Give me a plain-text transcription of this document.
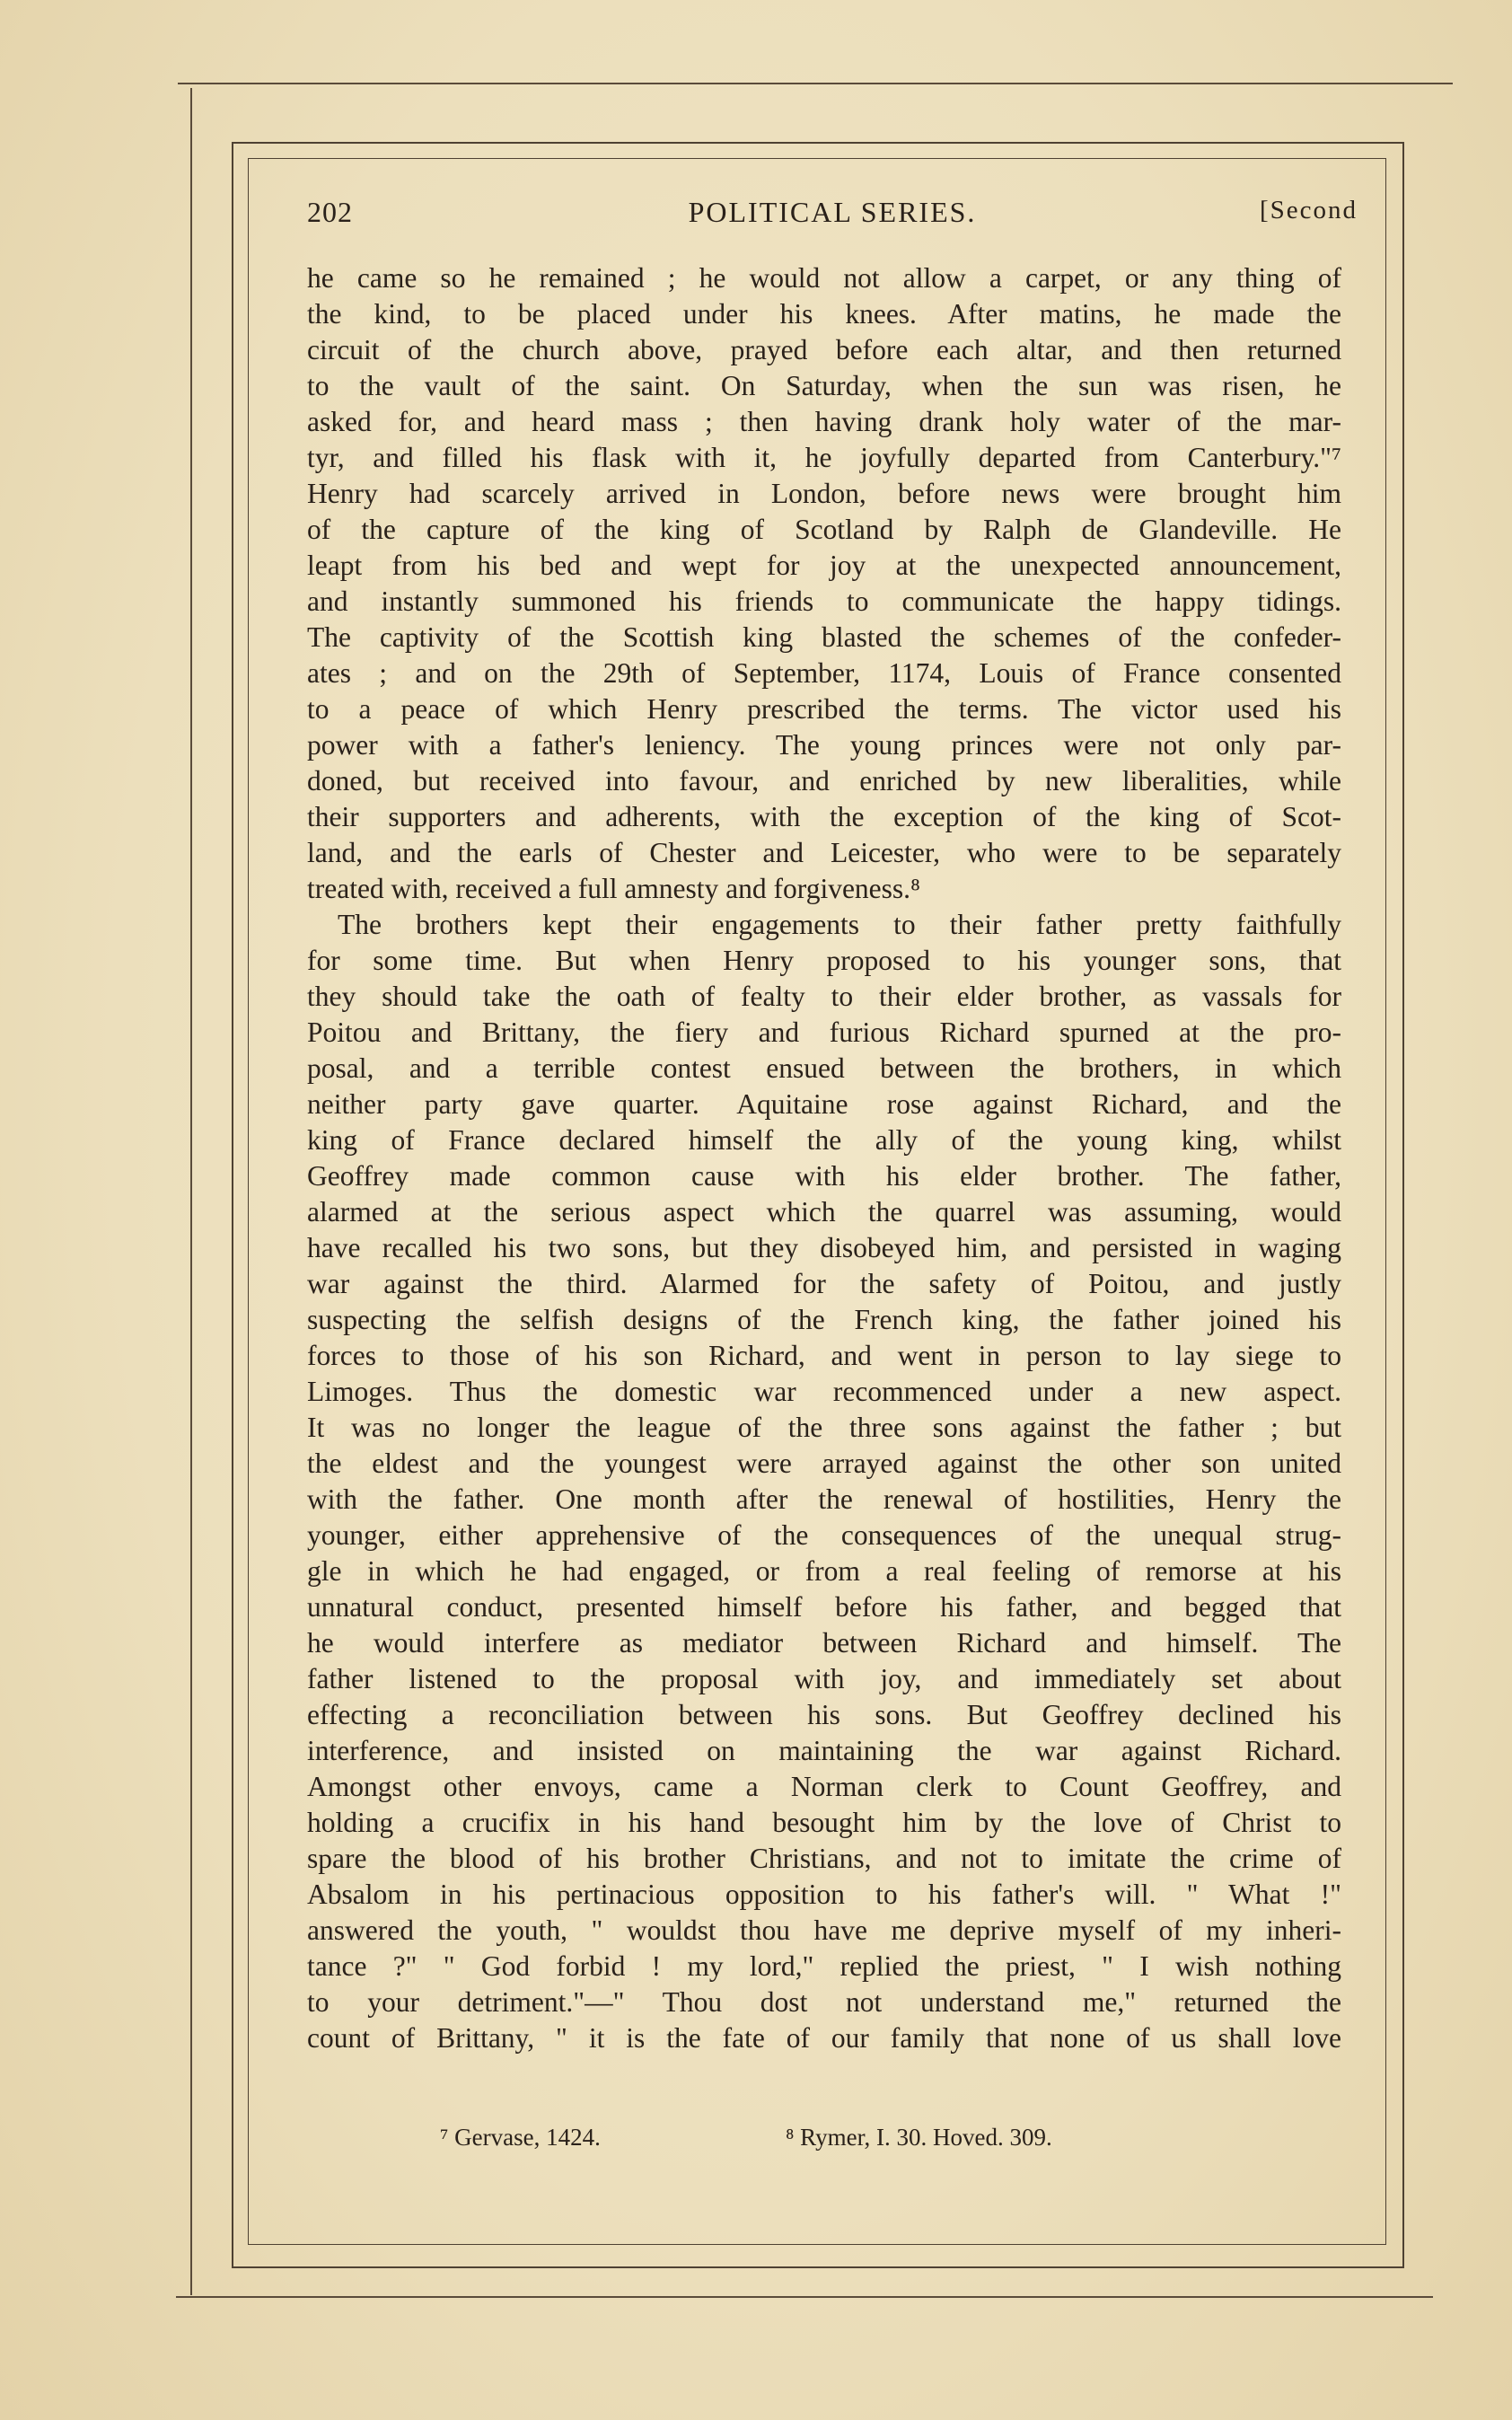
202	POLITICAL SERIES.	[Second
he came so he remained ; he would not allow a carpet, or any thing of
the kind, to be placed under his knees. After matins, he made the
circuit of the church above, prayed before each altar, and then returned
to the vault of the saint. On Saturday, when the sun was risen, he
asked for, and heard mass ; then having drank holy water of the mar-
tyr, and filled his flask with it, he joyfully departed from Canterbury."⁷
Henry had scarcely arrived in London, before news were brought him
of the capture of the king of Scotland by Ralph de Glandeville. He
leapt from his bed and wept for joy at the unexpected announcement,
and instantly summoned his friends to communicate the happy tidings.
The captivity of the Scottish king blasted the schemes of the confeder-
ates ; and on the 29th of September, 1174, Louis of France consented
to a peace of which Henry prescribed the terms. The victor used his
power with a father's leniency. The young princes were not only par-
doned, but received into favour, and enriched by new liberalities, while
their supporters and adherents, with the exception of the king of Scot-
land, and the earls of Chester and Leicester, who were to be separately
treated with, received a full amnesty and forgiveness.⁸
The brothers kept their engagements to their father pretty faithfully
for some time. But when Henry proposed to his younger sons, that
they should take the oath of fealty to their elder brother, as vassals for
Poitou and Brittany, the fiery and furious Richard spurned at the pro-
posal, and a terrible contest ensued between the brothers, in which
neither party gave quarter. Aquitaine rose against Richard, and the
king of France declared himself the ally of the young king, whilst
Geoffrey made common cause with his elder brother. The father,
alarmed at the serious aspect which the quarrel was assuming, would
have recalled his two sons, but they disobeyed him, and persisted in waging
war against the third. Alarmed for the safety of Poitou, and justly
suspecting the selfish designs of the French king, the father joined his
forces to those of his son Richard, and went in person to lay siege to
Limoges. Thus the domestic war recommenced under a new aspect.
It was no longer the league of the three sons against the father ; but
the eldest and the youngest were arrayed against the other son united
with the father. One month after the renewal of hostilities, Henry the
younger, either apprehensive of the consequences of the unequal strug-
gle in which he had engaged, or from a real feeling of remorse at his
unnatural conduct, presented himself before his father, and begged that
he would interfere as mediator between Richard and himself. The
father listened to the proposal with joy, and immediately set about
effecting a reconciliation between his sons. But Geoffrey declined his
interference, and insisted on maintaining the war against Richard.
Amongst other envoys, came a Norman clerk to Count Geoffrey, and
holding a crucifix in his hand besought him by the love of Christ to
spare the blood of his brother Christians, and not to imitate the crime of
Absalom in his pertinacious opposition to his father's will. " What !"
answered the youth, " wouldst thou have me deprive myself of my inheri-
tance ?" " God forbid ! my lord," replied the priest, " I wish nothing
to your detriment."—" Thou dost not understand me," returned the
count of Brittany, " it is the fate of our family that none of us shall love
⁷ Gervase, 1424.	⁸ Rymer, I. 30. Hoved. 309.
